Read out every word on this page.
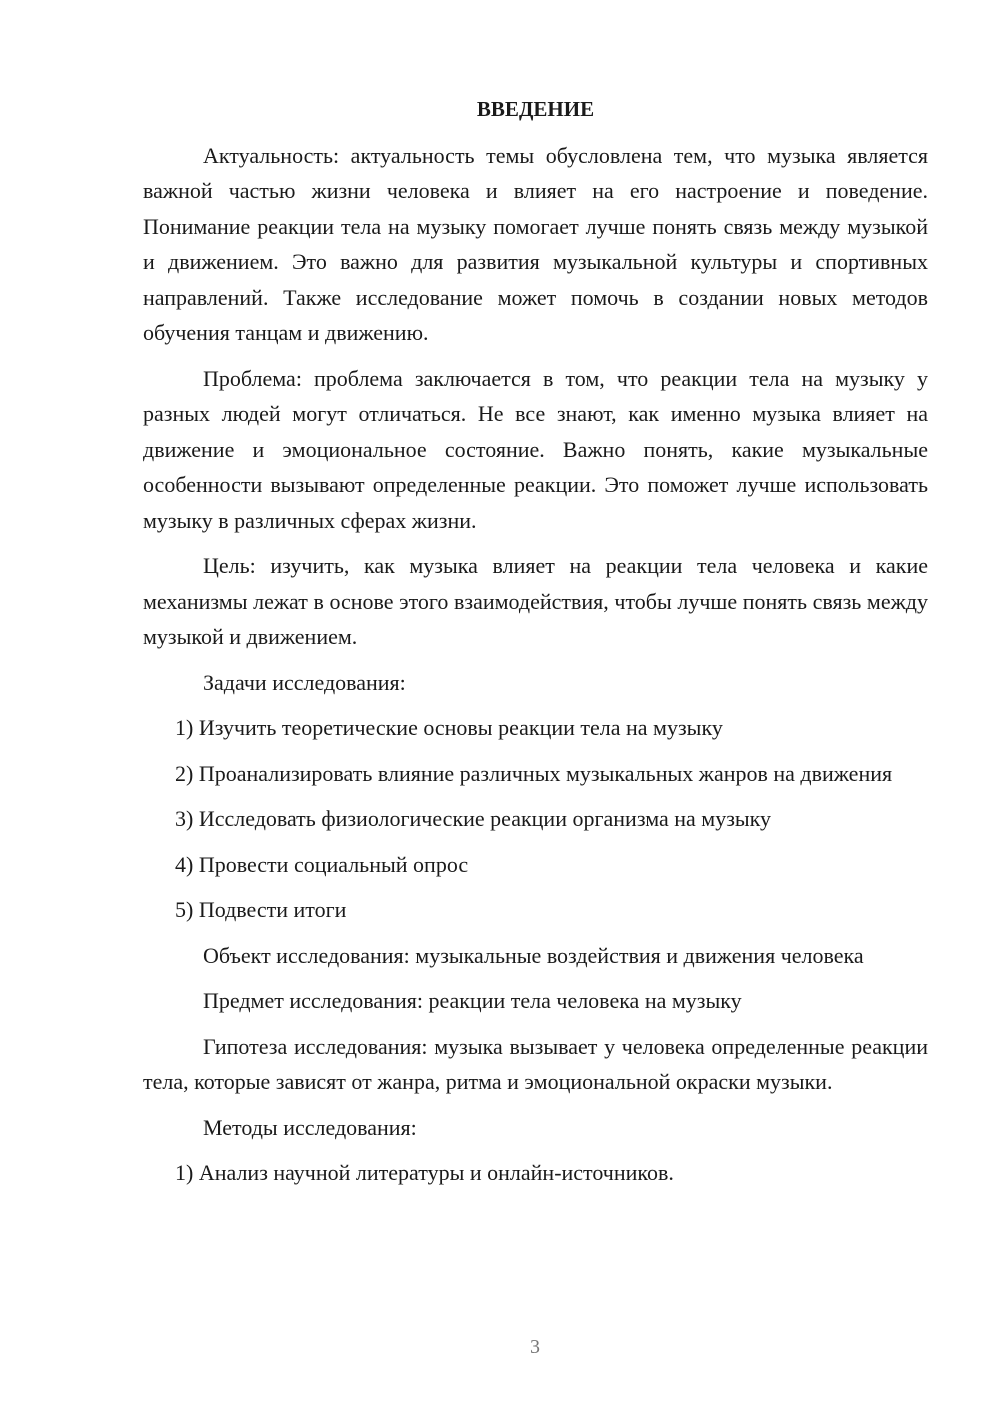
ВВЕДЕНИЕ

Актуальность: актуальность темы обусловлена тем, что музыка является важной частью жизни человека и влияет на его настроение и поведение. Понимание реакции тела на музыку помогает лучше понять связь между музыкой и движением. Это важно для развития музыкальной культуры и спортивных направлений. Также исследование может помочь в создании новых методов обучения танцам и движению.

Проблема: проблема заключается в том, что реакции тела на музыку у разных людей могут отличаться. Не все знают, как именно музыка влияет на движение и эмоциональное состояние. Важно понять, какие музыкальные особенности вызывают определенные реакции. Это поможет лучше использовать музыку в различных сферах жизни.

Цель: изучить, как музыка влияет на реакции тела человека и какие механизмы лежат в основе этого взаимодействия, чтобы лучше понять связь между музыкой и движением.

Задачи исследования:

1) Изучить теоретические основы реакции тела на музыку

2) Проанализировать влияние различных музыкальных жанров на движения

3) Исследовать физиологические реакции организма на музыку

4) Провести социальный опрос

5) Подвести итоги

Объект исследования: музыкальные воздействия и движения человека

Предмет исследования: реакции тела человека на музыку

Гипотеза исследования: музыка вызывает у человека определенные реакции тела, которые зависят от жанра, ритма и эмоциональной окраски музыки.

Методы исследования:

1) Анализ научной литературы и онлайн-источников.

3
